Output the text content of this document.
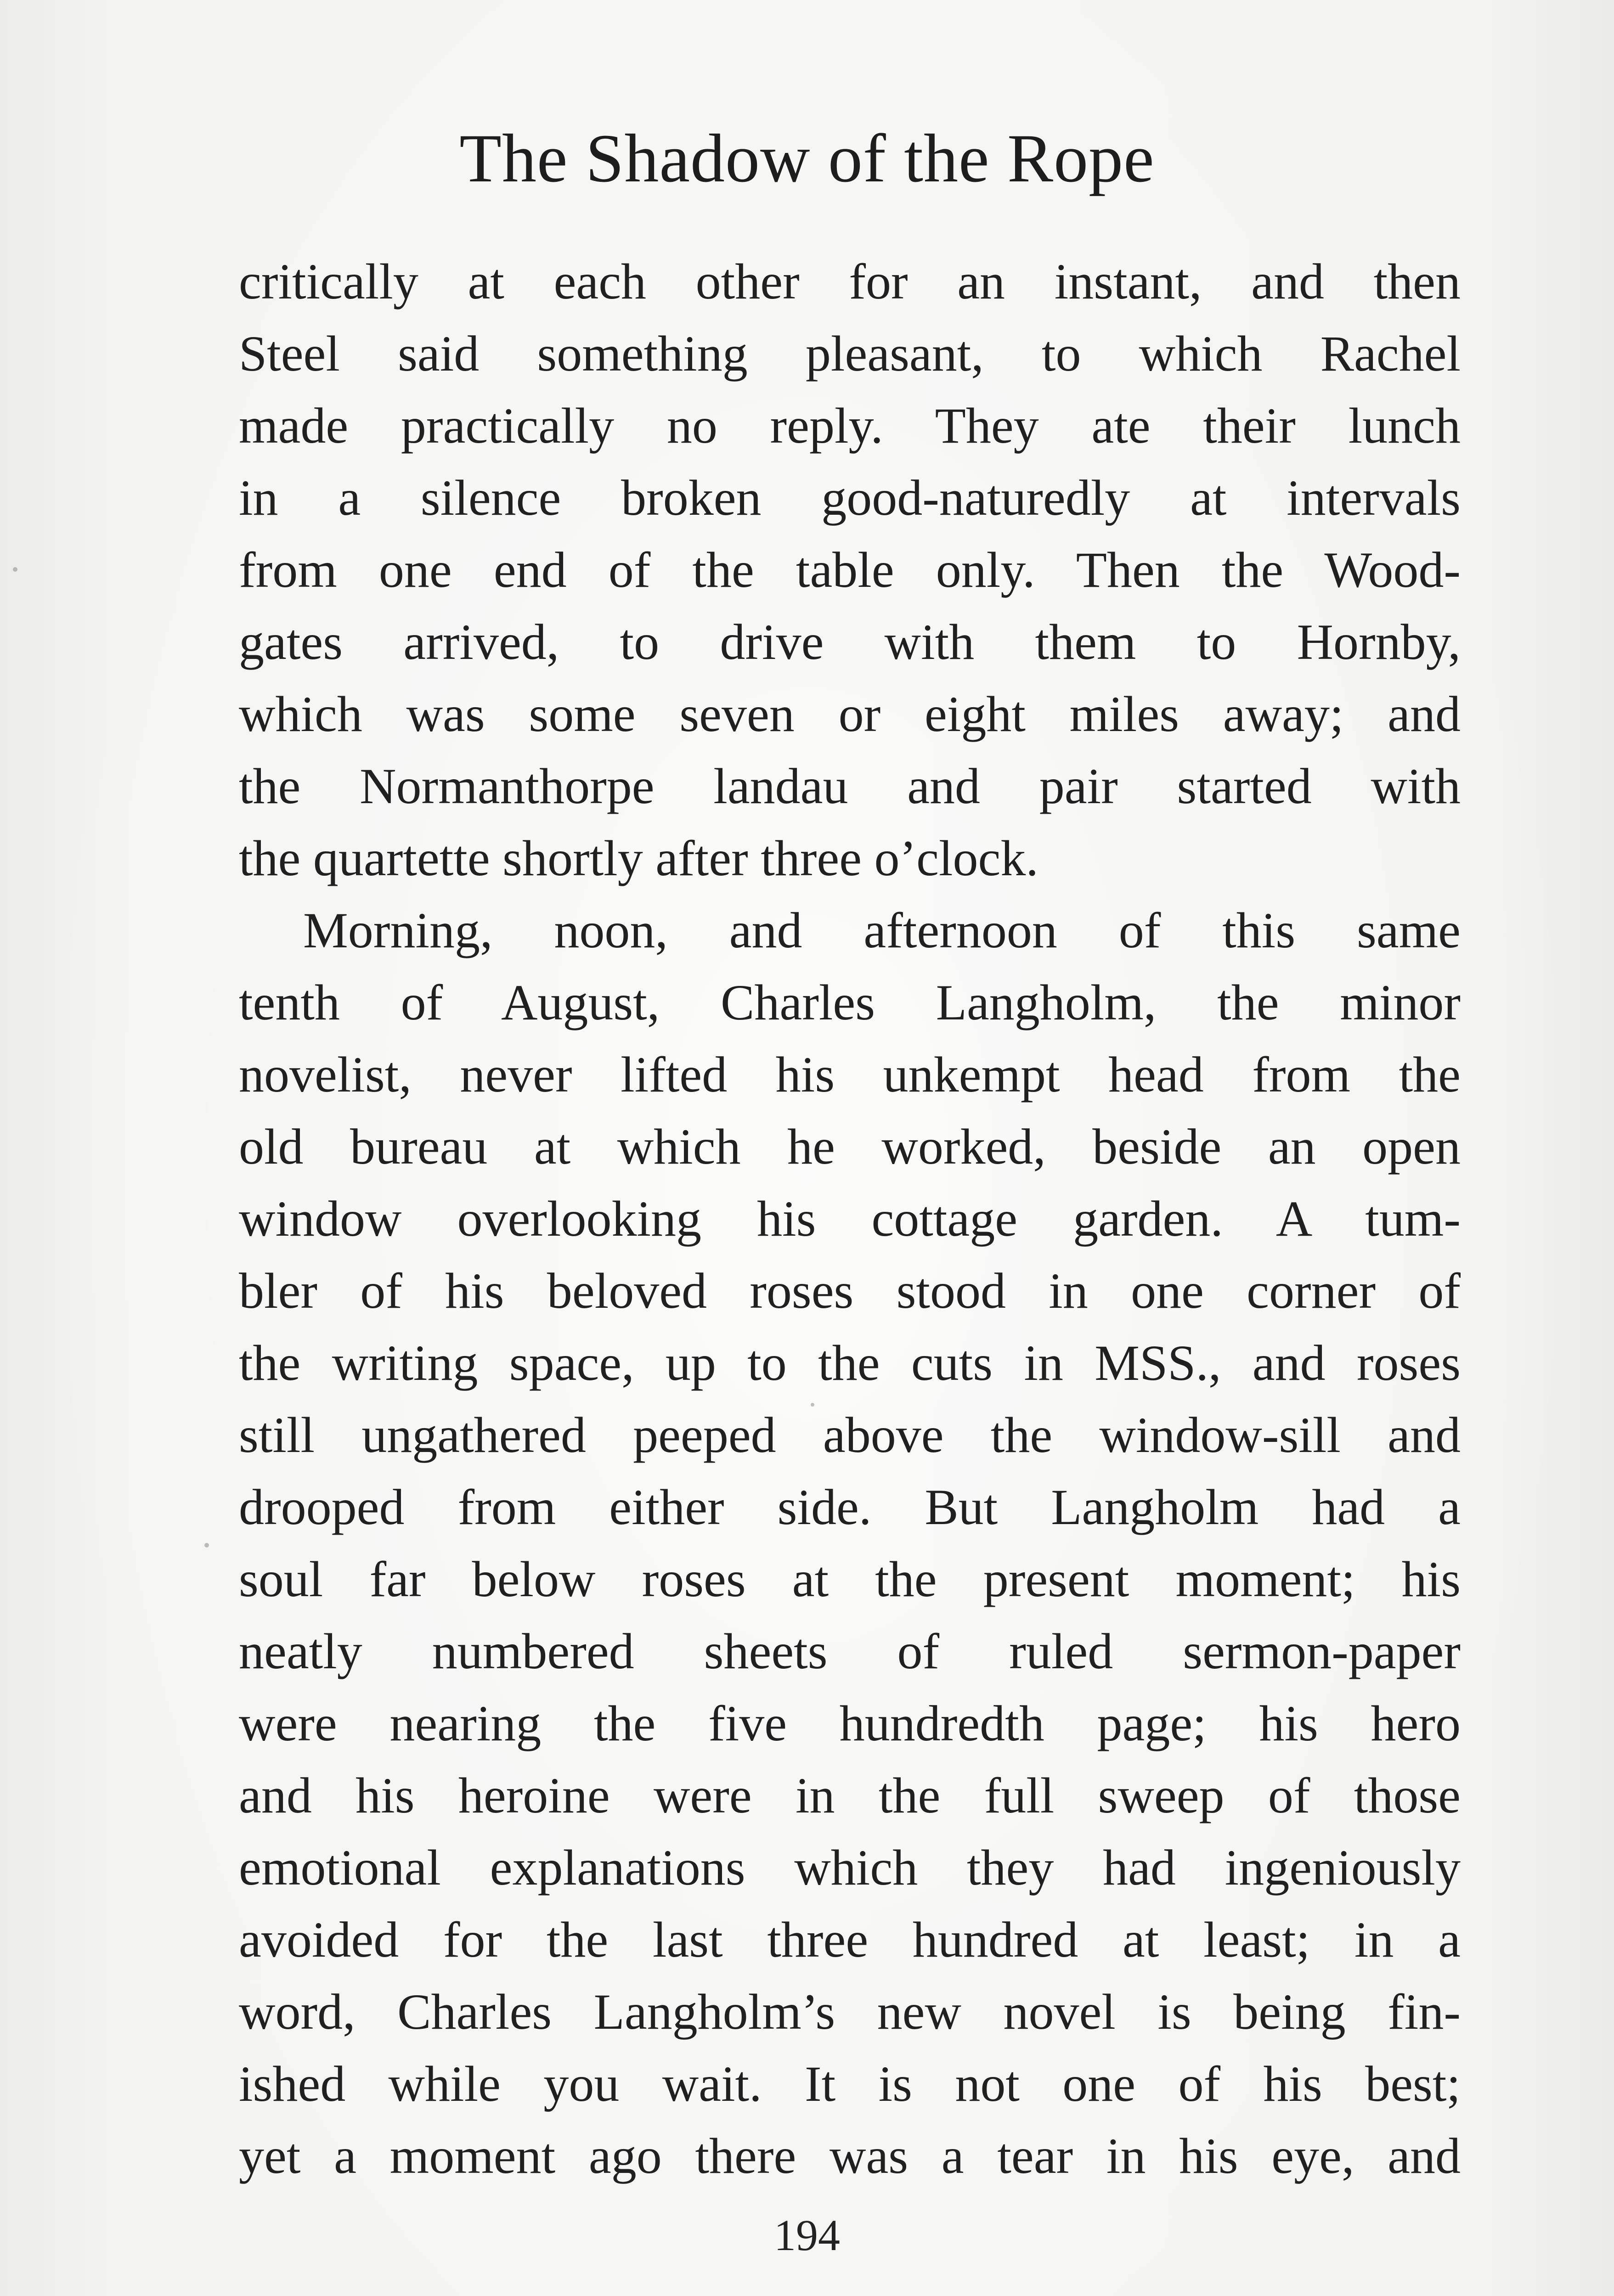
The Shadow of the Rope
critically at each other for an instant, and then
Steel said something pleasant, to which Rachel
made practically no reply. They ate their lunch
in a silence broken good-naturedly at intervals
from one end of the table only. Then the Wood-
gates arrived, to drive with them to Hornby,
which was some seven or eight miles away; and
the Normanthorpe landau and pair started with
the quartette shortly after three o’clock.
Morning, noon, and afternoon of this same
tenth of August, Charles Langholm, the minor
novelist, never lifted his unkempt head from the
old bureau at which he worked, beside an open
window overlooking his cottage garden. A tum-
bler of his beloved roses stood in one corner of
the writing space, up to the cuts in MSS., and roses
still ungathered peeped above the window-sill and
drooped from either side. But Langholm had a
soul far below roses at the present moment; his
neatly numbered sheets of ruled sermon-paper
were nearing the five hundredth page; his hero
and his heroine were in the full sweep of those
emotional explanations which they had ingeniously
avoided for the last three hundred at least; in a
word, Charles Langholm’s new novel is being fin-
ished while you wait. It is not one of his best;
yet a moment ago there was a tear in his eye, and
194
